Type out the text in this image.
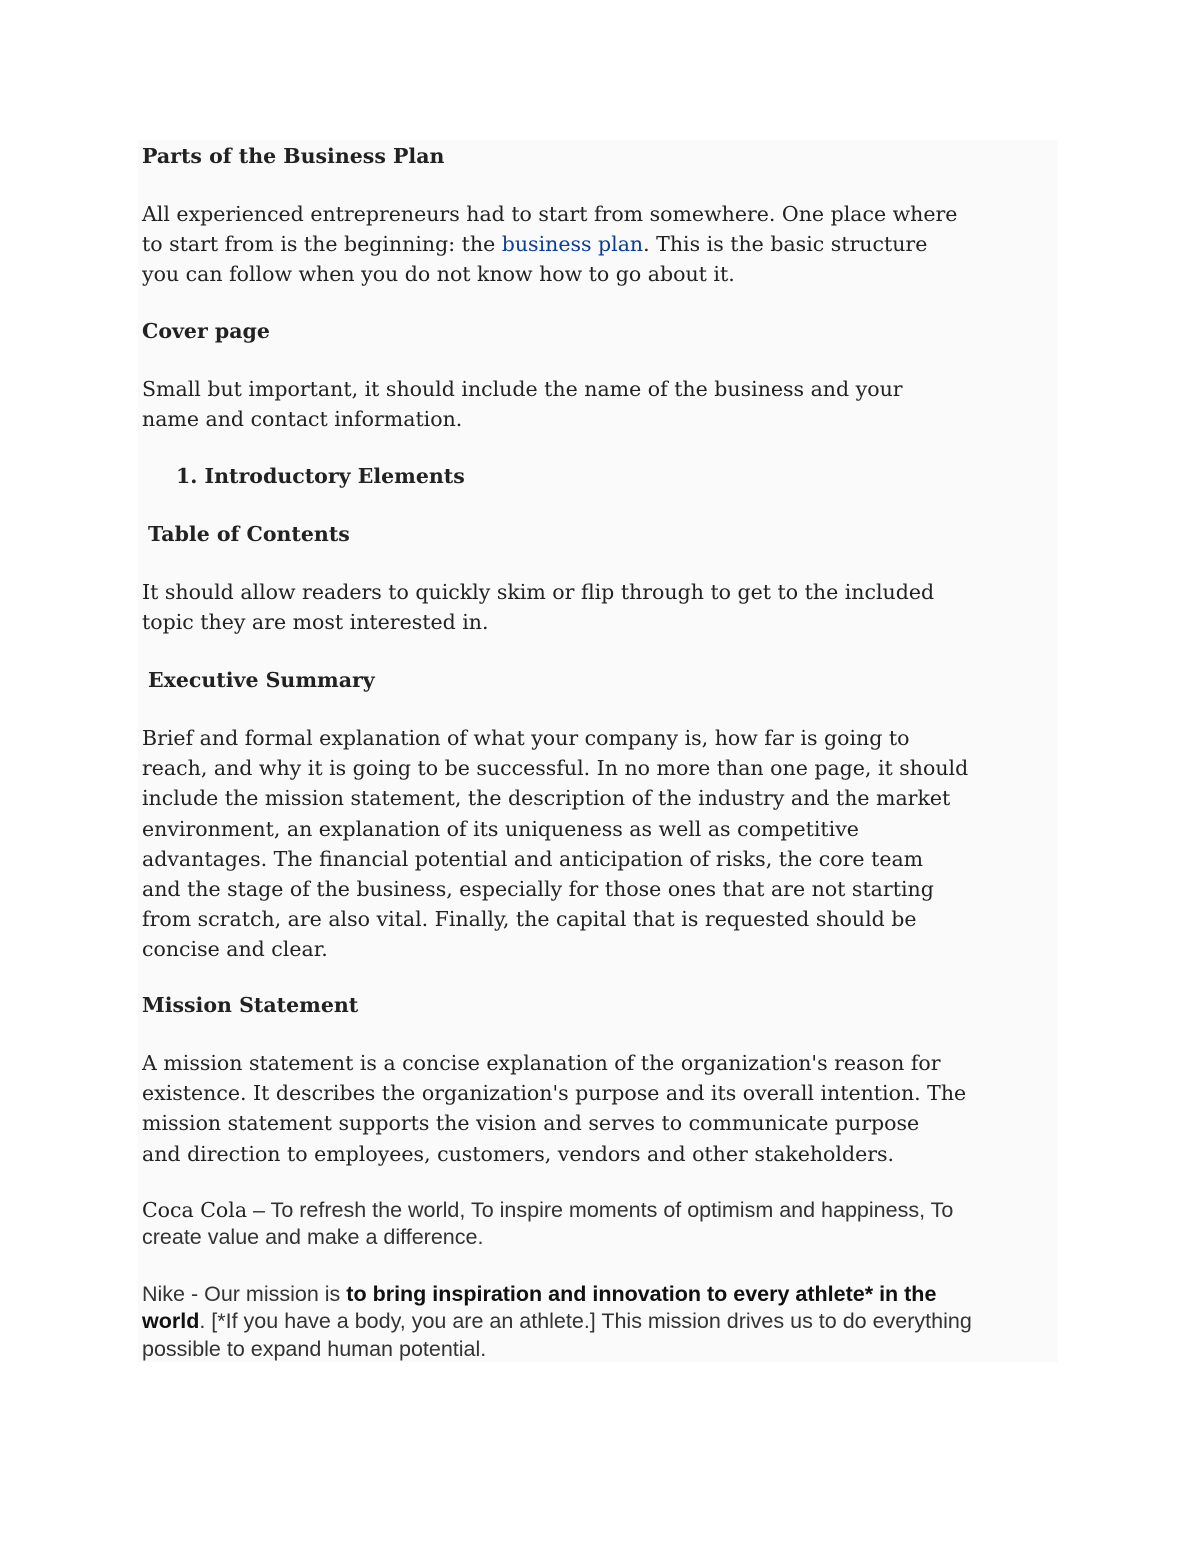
Parts of the Business Plan
All experienced entrepreneurs had to start from somewhere. One place where
to start from is the beginning: the business plan. This is the basic structure
you can follow when you do not know how to go about it.
Cover page
Small but important, it should include the name of the business and your
name and contact information.
1. Introductory Elements
Table of Contents
It should allow readers to quickly skim or flip through to get to the included
topic they are most interested in.
Executive Summary
Brief and formal explanation of what your company is, how far is going to
reach, and why it is going to be successful. In no more than one page, it should
include the mission statement, the description of the industry and the market
environment, an explanation of its uniqueness as well as competitive
advantages. The financial potential and anticipation of risks, the core team
and the stage of the business, especially for those ones that are not starting
from scratch, are also vital. Finally, the capital that is requested should be
concise and clear.
Mission Statement
A mission statement is a concise explanation of the organization's reason for
existence. It describes the organization's purpose and its overall intention. The
mission statement supports the vision and serves to communicate purpose
and direction to employees, customers, vendors and other stakeholders.
Coca Cola – To refresh the world, To inspire moments of optimism and happiness, To
create value and make a difference.
Nike - Our mission is to bring inspiration and innovation to every athlete* in the
world. [*If you have a body, you are an athlete.] This mission drives us to do everything
possible to expand human potential.
